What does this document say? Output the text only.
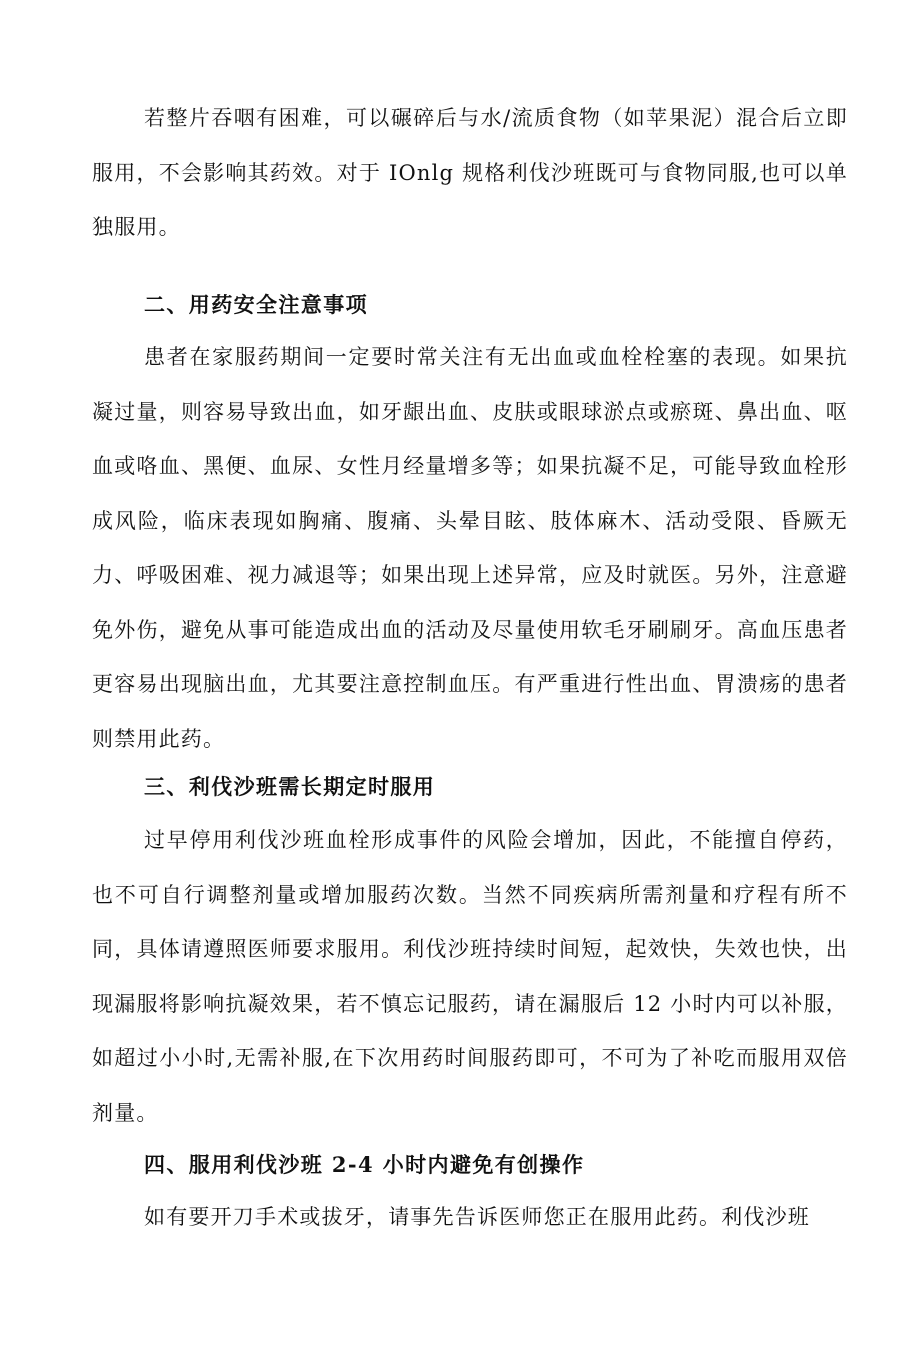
若整片吞咽有困难，可以碾碎后与水/流质食物（如苹果泥）混合后立即服用，不会影响其药效。对于 IOnlg 规格利伐沙班既可与食物同服,也可以单独服用。

二、用药安全注意事项

患者在家服药期间一定要时常关注有无出血或血栓栓塞的表现。如果抗凝过量，则容易导致出血，如牙龈出血、皮肤或眼球淤点或瘀斑、鼻出血、呕血或咯血、黑便、血尿、女性月经量增多等；如果抗凝不足，可能导致血栓形成风险，临床表现如胸痛、腹痛、头晕目眩、肢体麻木、活动受限、昏厥无力、呼吸困难、视力减退等；如果出现上述异常，应及时就医。另外，注意避免外伤，避免从事可能造成出血的活动及尽量使用软毛牙刷刷牙。高血压患者更容易出现脑出血，尤其要注意控制血压。有严重进行性出血、胃溃疡的患者则禁用此药。

三、利伐沙班需长期定时服用

过早停用利伐沙班血栓形成事件的风险会增加，因此，不能擅自停药，也不可自行调整剂量或增加服药次数。当然不同疾病所需剂量和疗程有所不同，具体请遵照医师要求服用。利伐沙班持续时间短，起效快，失效也快，出现漏服将影响抗凝效果，若不慎忘记服药，请在漏服后 12 小时内可以补服，如超过小小时,无需补服,在下次用药时间服药即可，不可为了补吃而服用双倍剂量。

四、服用利伐沙班 2-4 小时内避免有创操作

如有要开刀手术或拔牙，请事先告诉医师您正在服用此药。利伐沙班
